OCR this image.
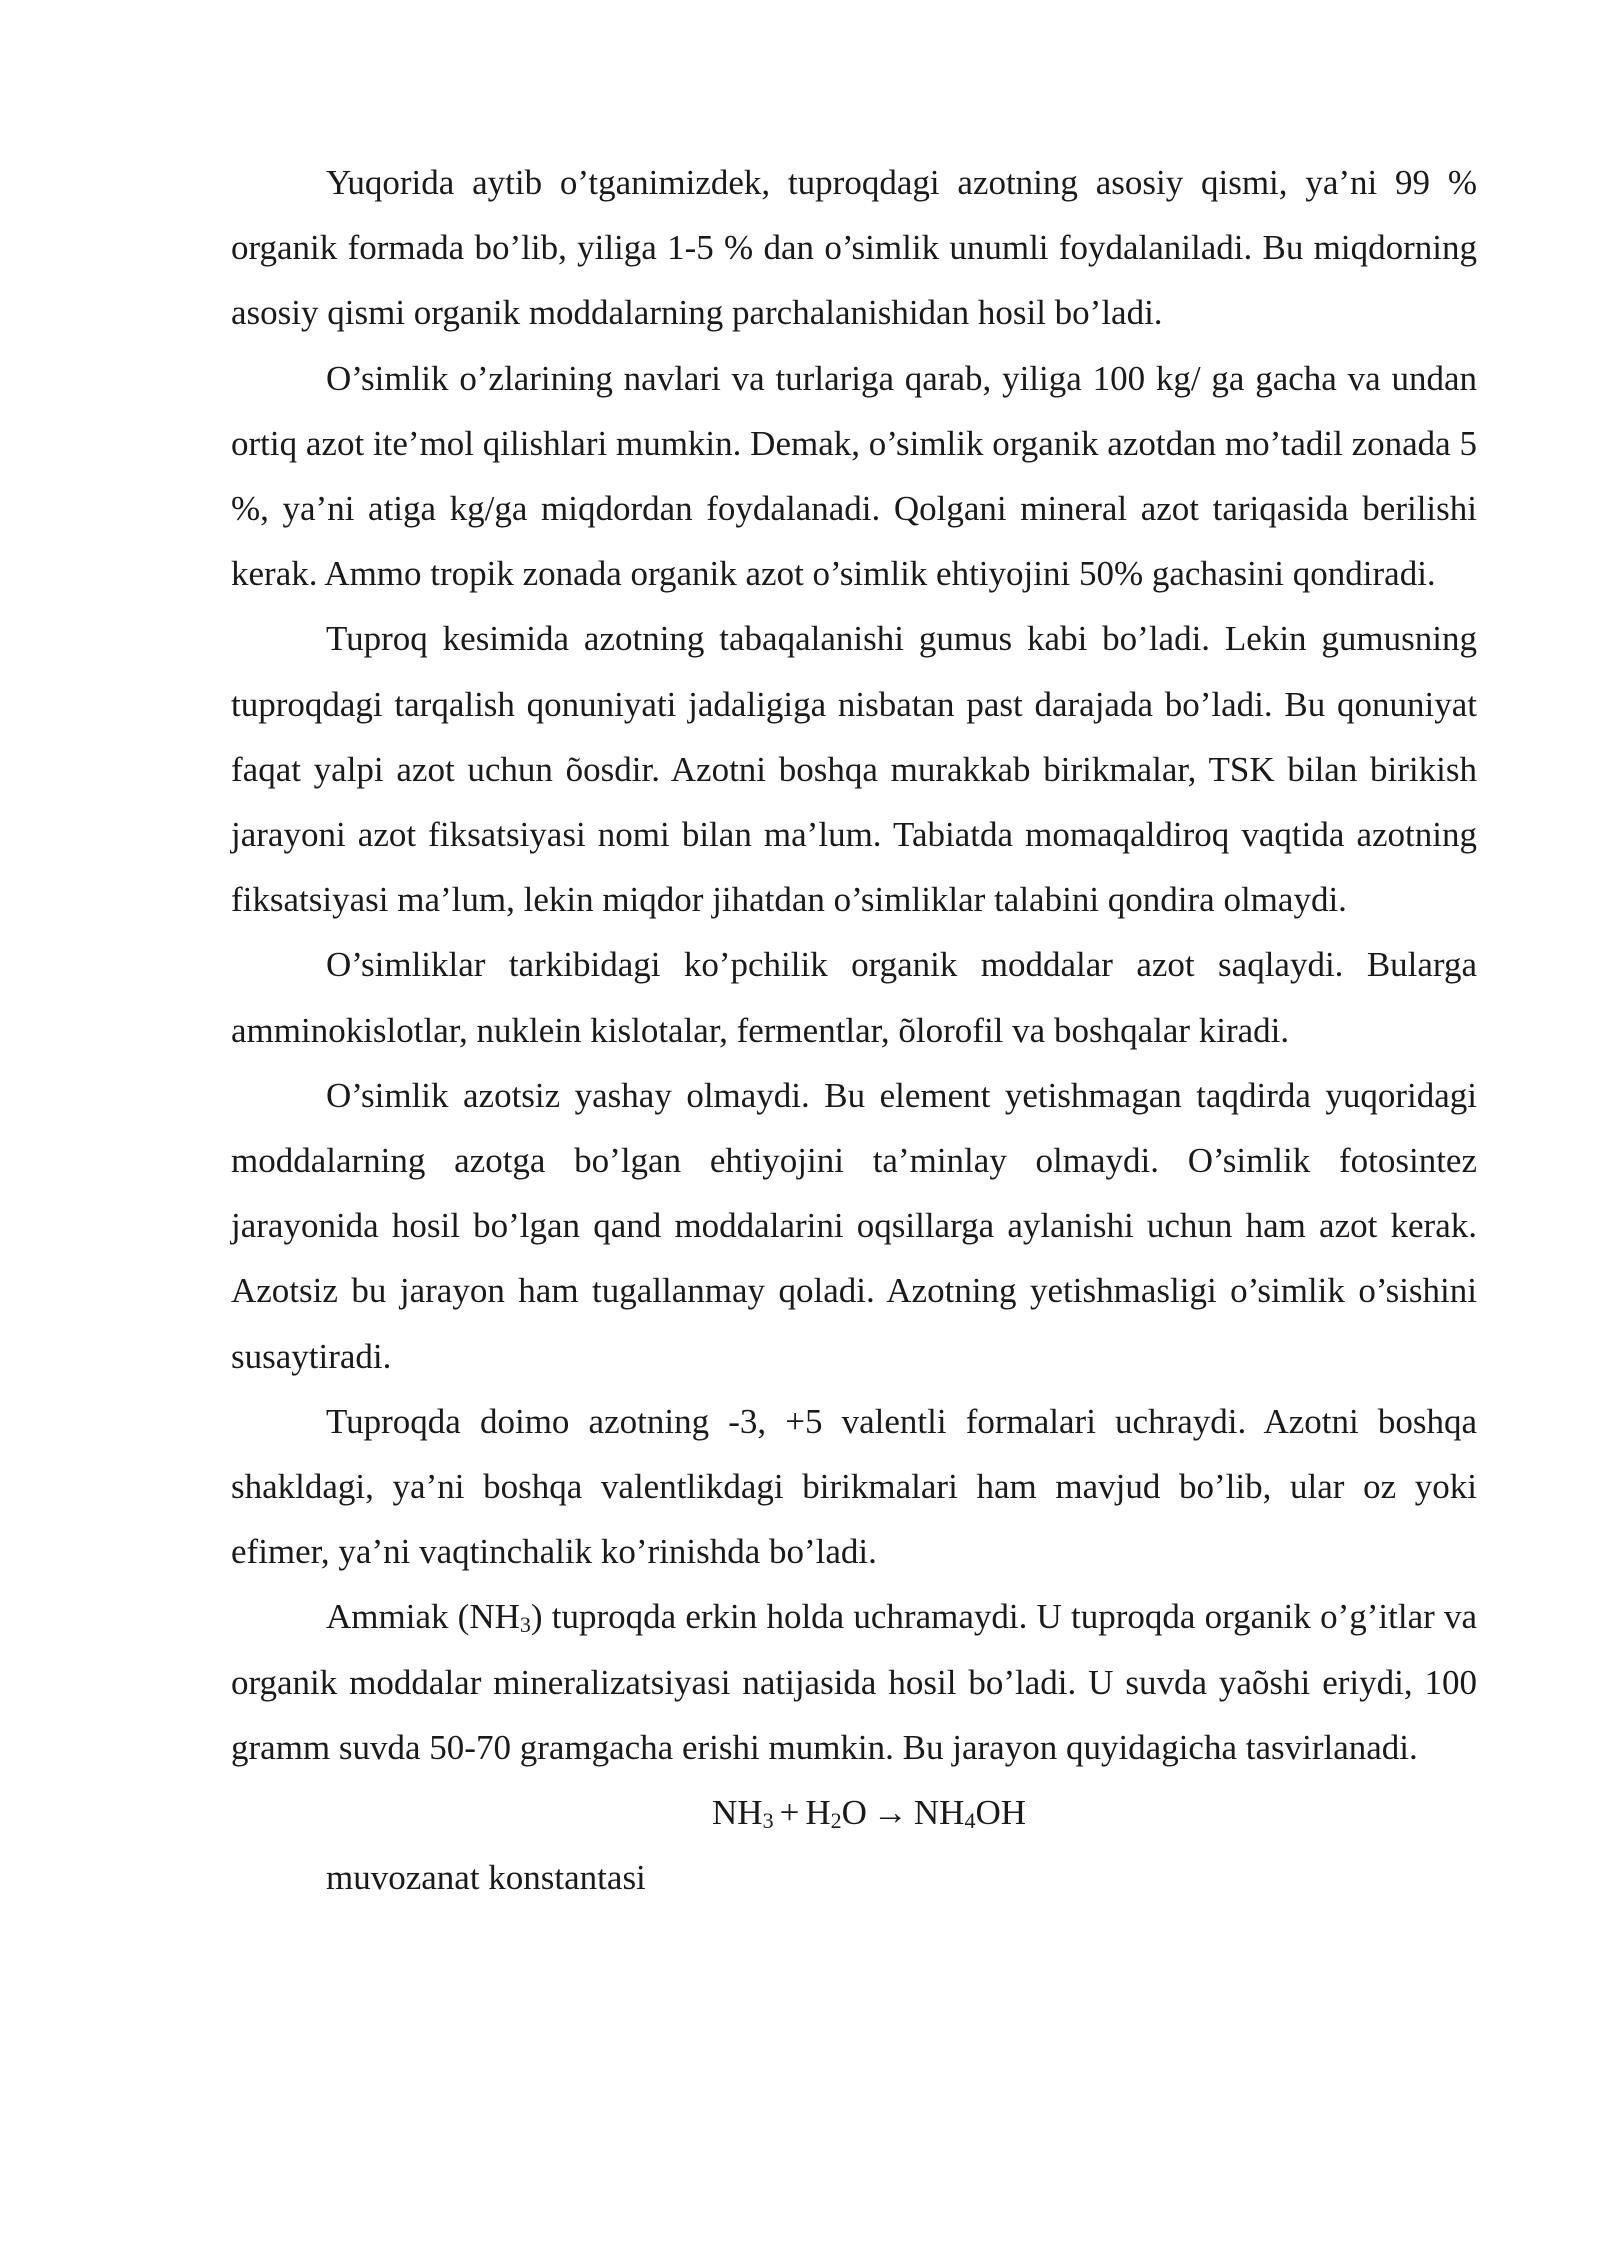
Yuqorida aytib o’tganimizdek, tuproqdagi azotning asosiy qismi, ya’ni 99 % organik formada bo’lib, yiliga 1-5 % dan o’simlik unumli foydalaniladi. Bu miqdorning asosiy qismi organik moddalarning parchalanishidan hosil bo’ladi.

O’simlik o’zlarining navlari va turlariga qarab, yiliga 100 kg/ ga gacha va undan ortiq azot ite’mol qilishlari mumkin. Demak, o’simlik organik azotdan mo’tadil zonada 5 %, ya’ni atiga kg/ga miqdordan foydalanadi. Qolgani mineral azot tariqasida berilishi kerak. Ammo tropik zonada organik azot o’simlik ehtiyojini 50% gachasini qondiradi.

Tuproq kesimida azotning tabaqalanishi gumus kabi bo’ladi. Lekin gumusning tuproqdagi tarqalish qonuniyati jadaligiga nisbatan past darajada bo’ladi. Bu qonuniyat faqat yalpi azot uchun õosdir. Azotni boshqa murakkab birikmalar, TSK bilan birikish jarayoni azot fiksatsiyasi nomi bilan ma’lum. Tabiatda momaqaldiroq vaqtida azotning fiksatsiyasi ma’lum, lekin miqdor jihatdan o’simliklar talabini qondira olmaydi.

O’simliklar tarkibidagi ko’pchilik organik moddalar azot saqlaydi. Bularga amminokislotlar, nuklein kislotalar, fermentlar, õlorofil va boshqalar kiradi.

O’simlik azotsiz yashay olmaydi. Bu element yetishmagan taqdirda yuqoridagi moddalarning azotga bo’lgan ehtiyojini ta’minlay olmaydi. O’simlik fotosintez jarayonida hosil bo’lgan qand moddalarini oqsillarga aylanishi uchun ham azot kerak. Azotsiz bu jarayon ham tugallanmay qoladi. Azotning yetishmasligi o’simlik o’sishini susaytiradi.

Tuproqda doimo azotning -3, +5 valentli formalari uchraydi. Azotni boshqa shakldagi, ya’ni boshqa valentlikdagi birikmalari ham mavjud bo’lib, ular oz yoki efimer, ya’ni vaqtinchalik ko’rinishda bo’ladi.

Ammiak $(NH_3)$ tuproqda erkin holda uchramaydi. U tuproqda organik o’g’itlar va organik moddalar mineralizatsiyasi natijasida hosil bo’ladi. U suvda yaõshi eriydi, 100 gramm suvda 50-70 gramgacha erishi mumkin. Bu jarayon quyidagicha tasvirlanadi.

$NH_3 + H_2O \to NH_4OH$

muvozanat konstantasi
